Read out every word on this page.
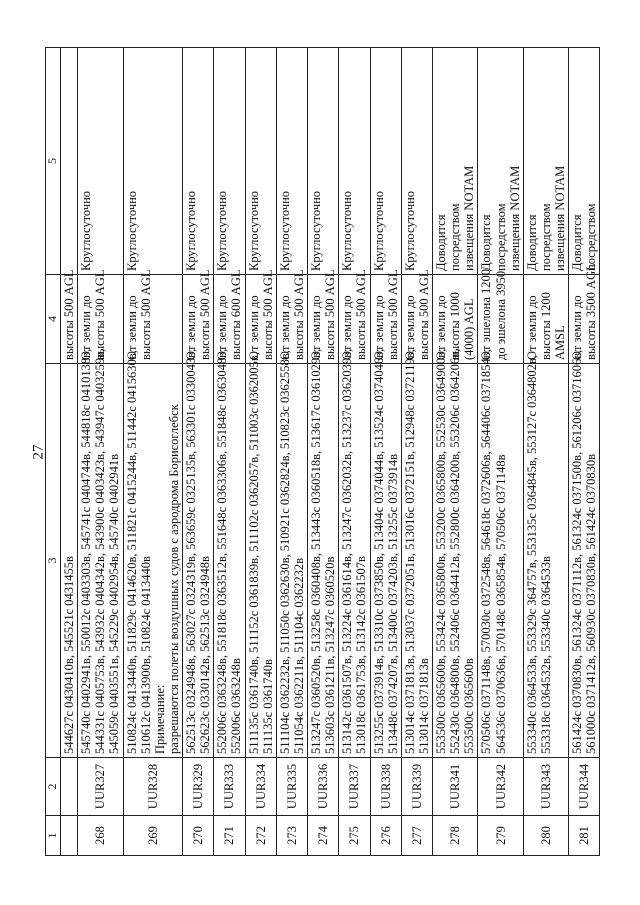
27
1	2	3	4	5

		544627с 0430410в, 545521с 0431455в	высоты 500 AGL	

268	UUR327	545740с 0402941в, 550012с 0403303в, 545741с 0404744в, 544818с 0410138в, 544331с 0405753в, 543932с 0404342в, 543900с 0403423в, 543947с 0403259в, 545059с 0403551в, 545229с 0402954в, 545740с 0402941в	От земли до высоты 500 AGL	Круглосуточно

269	UUR328	510824с 0413440в, 511829с 0414620в, 511821с 0415244в, 511442с 0415630в, 510612с 0413900в, 510824с 0413440в Примечание: разрешаются полеты воздушных судов с аэродрома Борисоглебск	От земли до высоты 500 AGL	Круглосуточно

270	UUR329	562513с 0324948в, 563027с 0324319в, 563659с 0325135в, 563301с 0330043в, 562623с 0330142в, 562513с 0324948в	От земли до высоты 500 AGL	Круглосуточно

271	UUR333	552006с 0363248в, 551818с 0363512в, 551648с 0363306в, 551848с 0363048в, 552006с 0363248в	От земли до высоты 600 AGL	Круглосуточно

272	UUR334	511135с 0361740в, 511152с 0361839в, 511102с 0362057в, 511003с 0362005в, 511135с 0361740в	От земли до высоты 500 AGL	Круглосуточно

273	UUR335	511104с 0362232в, 511050с 0362630в, 510921с 0362824в, 510823с 0362558в, 511054с 0362211в, 511104с 0362232в	От земли до высоты 500 AGL	Круглосуточно

274	UUR336	513247с 0360520в, 513258с 0360408в, 513443с 0360518в, 513617с 0361029в, 513603с 0361211в, 513247с 0360520в	От земли до высоты 500 AGL	Круглосуточно

275	UUR337	513142с 0361507в, 513224с 0361614в, 513247с 0362032в, 513237с 0362039в, 513018с 0361753в, 513142с 0361507в	От земли до высоты 500 AGL	Круглосуточно

276	UUR338	513255с 0373914в, 513310с 0373850в, 513404с 0374044в, 513524с 0374046в, 513448с 0374207в, 513400с 0374203в, 513255с 0373914в	От земли до высоты 500 AGL	Круглосуточно

277	UUR339	513014с 0371813в, 513037с 0372051в, 513016с 0372151в, 512948с 0372119в, 513014с 0371813в	От земли до высоты 500 AGL	Круглосуточно

278	UUR341	553500с 0365600в, 553424с 0365800в, 553200с 0365800в, 552530с 0364900в, 552430с 0364800в, 552406с 0364412в, 552800с 0364200в, 553206с 0364206в, 553500с 0365600в	От земли до высоты 1000 (4000) AGL	Доводится посредством извещения NOTAM

279	UUR342	570506с 0371148в, 570030с 0372548в, 564618с 0372606в, 564406с 0371854в, 564536с 0370636в, 570148с 0365854в, 570506с 0371148в	От эшелона 1200 до эшелона 3950	Доводится посредством извещения NOTAM

280	UUR343	553340с 0364533в, 553329с 364757в, 553135с 0364845в, 553127с 0364802в, 553318с 0364532в, 553340с 0364533в	От земли до высоты 1200 AMSL	Доводится посредством извещения NOTAM

281	UUR344	561424с 0370830в, 561324с 0371112в, 561324с 0371500в, 561206с 0371606в, 561000с 0371412в, 560930с 0370830в, 561424с 0370830в	От земли до высоты 3500 AGL	Доводится посредством
